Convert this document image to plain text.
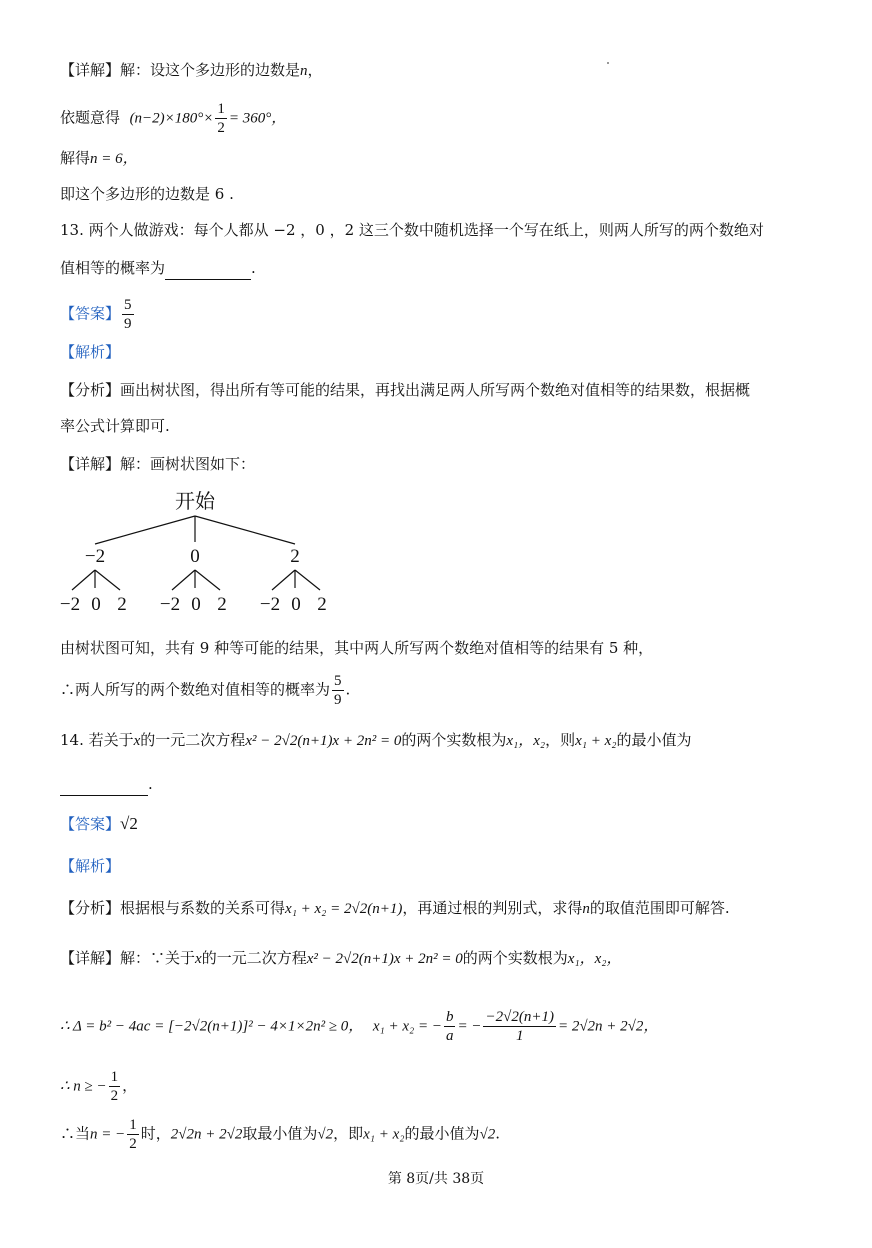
【详解】解：设这个多边形的边数是n，
依题意得 $(n-2)\times 180^\circ\times \frac{1}{2} = 360^\circ$，
解得n = 6，
即这个多边形的边数是 6 .
13. 两个人做游戏：每个人都从 −2 ，0 ，2 这三个数中随机选择一个写在纸上，则两人所写的两个数绝对
值相等的概率为	.
【答案】 $\frac{5}{9}$
【解析】
【分析】画出树状图，得出所有等可能的结果，再找出满足两人所写两个数绝对值相等的结果数，根据概
率公式计算即可.
【详解】解：画树状图如下：
开始
−2	0	2
−2 0 2 −2 0 2 −2 0 2
由树状图可知，共有 9 种等可能的结果，其中两人所写两个数绝对值相等的结果有 5 种，
∴两人所写的两个数绝对值相等的概率为 $\frac{5}{9}$ .
14. 若关于x的一元二次方程x² − 2√2(n+1)x + 2n² = 0的两个实数根为x₁，x₂，则x₁ + x₂的最小值为
.
【答案】√2
【解析】
【分析】根据根与系数的关系可得x₁ + x₂ = 2√2(n+1)，再通过根的判别式，求得n的取值范围即可解答.
【详解】解：∵关于x的一元二次方程x² − 2√2(n+1)x + 2n² = 0的两个实数根为x₁，x₂，
∴ Δ = b² − 4ac = [−2√2(n+1)]² − 4×1×2n² ≥ 0， x₁ + x₂ = − $\frac{b}{a}$ = − $\frac{-2√2(n+1)}{1} = 2√2n + 2√2$，
∴ n ≥ − $\frac{1}{2}$ ，
∴当n = − $\frac{1}{2}$ 时，2√2n + 2√2取最小值为√2，即x₁ + x₂的最小值为√2.
第 8页/共 38页
